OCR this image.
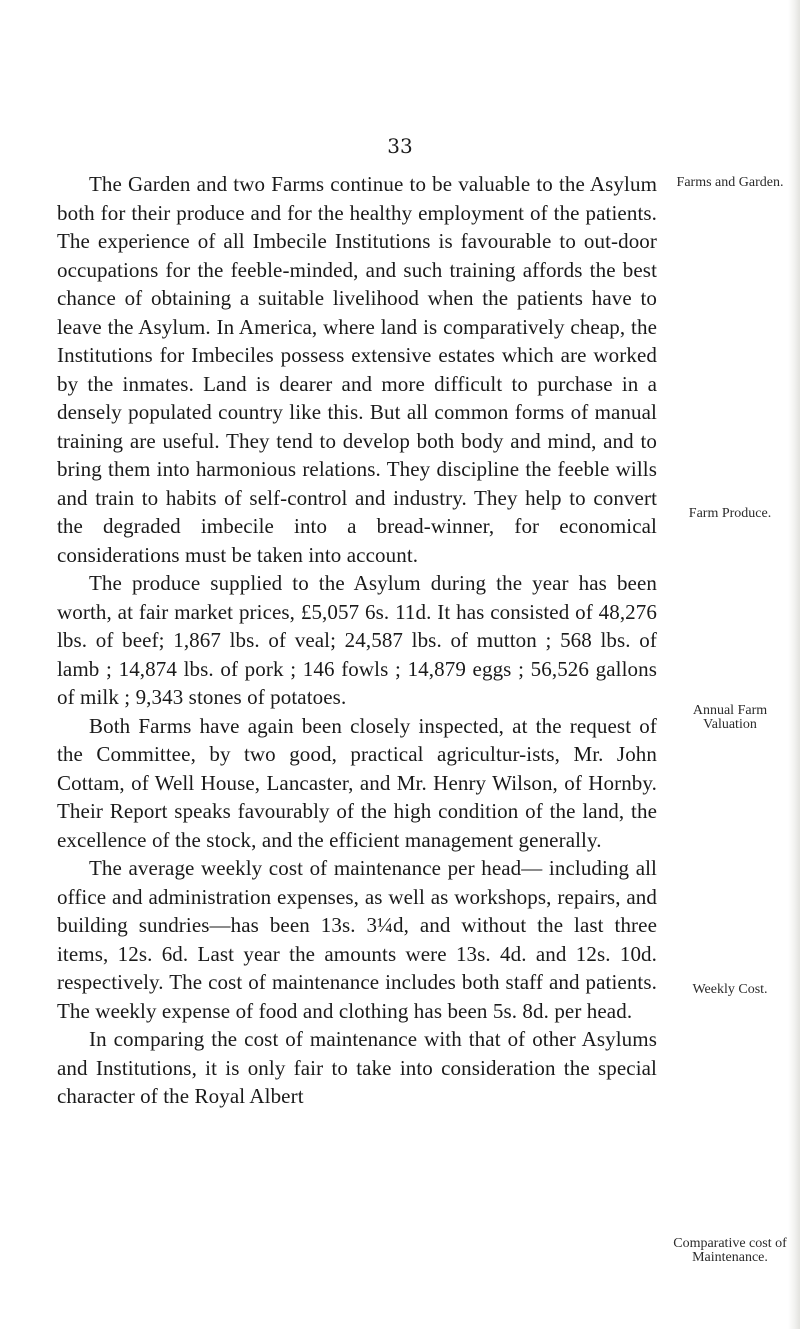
33

The Garden and two Farms continue to be valuable to the Asylum both for their produce and for the healthy employment of the patients. The experience of all Imbecile Institutions is favourable to out-door occupations for the feeble-minded, and such training affords the best chance of obtaining a suitable livelihood when the patients have to leave the Asylum. In America, where land is comparatively cheap, the Institutions for Imbeciles possess extensive estates which are worked by the inmates. Land is dearer and more difficult to purchase in a densely populated country like this. But all common forms of manual training are useful. They tend to develop both body and mind, and to bring them into harmonious relations. They discipline the feeble wills and train to habits of self-control and industry. They help to convert the degraded imbecile into a bread-winner, for economical considerations must be taken into account.

The produce supplied to the Asylum during the year has been worth, at fair market prices, £5,057 6s. 11d. It has consisted of 48,276 lbs. of beef; 1,867 lbs. of veal; 24,587 lbs. of mutton ; 568 lbs. of lamb ; 14,874 lbs. of pork ; 146 fowls ; 14,879 eggs ; 56,526 gallons of milk ; 9,343 stones of potatoes.

Both Farms have again been closely inspected, at the request of the Committee, by two good, practical agricultur-ists, Mr. John Cottam, of Well House, Lancaster, and Mr. Henry Wilson, of Hornby. Their Report speaks favourably of the high condition of the land, the excellence of the stock, and the efficient management generally.

The average weekly cost of maintenance per head— including all office and administration expenses, as well as workshops, repairs, and building sundries—has been 13s. 3¼d, and without the last three items, 12s. 6d. Last year the amounts were 13s. 4d. and 12s. 10d. respectively. The cost of maintenance includes both staff and patients. The weekly expense of food and clothing has been 5s. 8d. per head.

In comparing the cost of maintenance with that of other Asylums and Institutions, it is only fair to take into consideration the special character of the Royal Albert

Farms and Garden.
Farm Produce.
Annual Farm Valuation
Weekly Cost.
Comparative cost of Maintenance.
